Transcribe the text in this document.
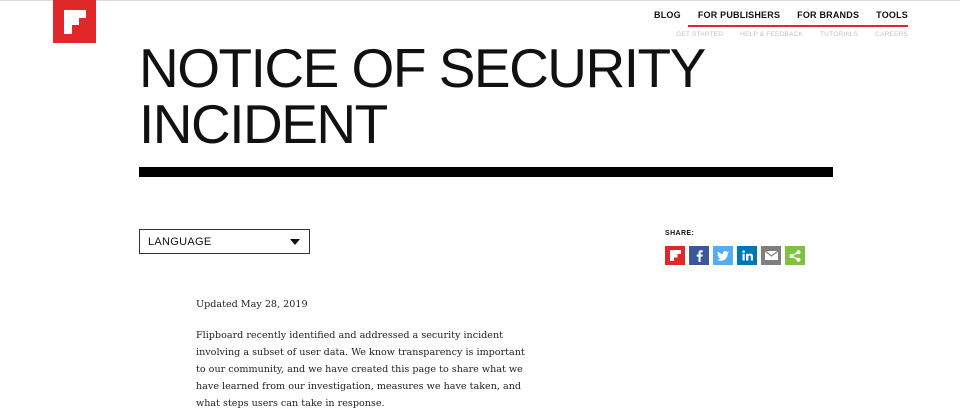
BLOG FOR PUBLISHERS FOR BRANDS TOOLS
GET STARTED	HELP & FEEDBACK	TUTORIALS	CAREERS
NOTICE OF SECURITY INCIDENT
LANGUAGE
SHARE:

Updated May 28, 2019

Flipboard recently identified and addressed a security incident involving a subset of user data. We know transparency is important to our community, and we have created this page to share what we have learned from our investigation, measures we have taken, and what steps users can take in response.
